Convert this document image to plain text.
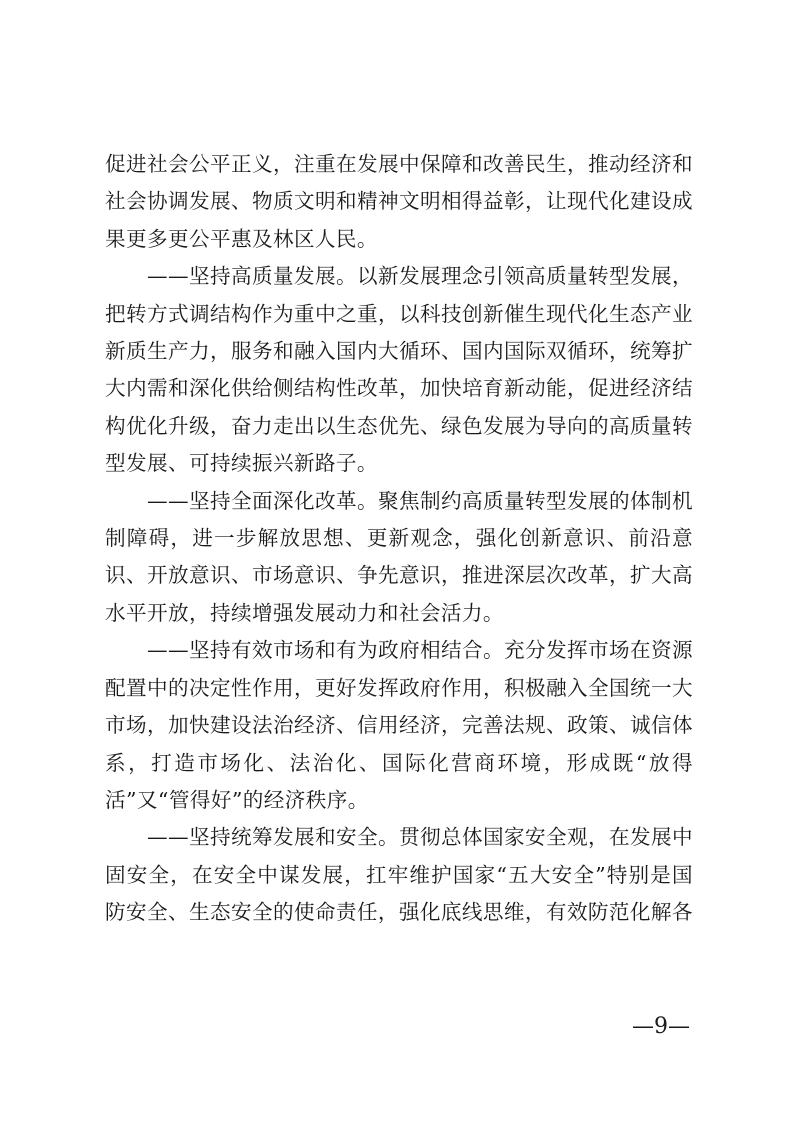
促进社会公平正义，注重在发展中保障和改善民生，推动经济和社会协调发展、物质文明和精神文明相得益彰，让现代化建设成果更多更公平惠及林区人民。

——坚持高质量发展。以新发展理念引领高质量转型发展，把转方式调结构作为重中之重，以科技创新催生现代化生态产业新质生产力，服务和融入国内大循环、国内国际双循环，统筹扩大内需和深化供给侧结构性改革，加快培育新动能，促进经济结构优化升级，奋力走出以生态优先、绿色发展为导向的高质量转型发展、可持续振兴新路子。

——坚持全面深化改革。聚焦制约高质量转型发展的体制机制障碍，进一步解放思想、更新观念，强化创新意识、前沿意识、开放意识、市场意识、争先意识，推进深层次改革，扩大高水平开放，持续增强发展动力和社会活力。

——坚持有效市场和有为政府相结合。充分发挥市场在资源配置中的决定性作用，更好发挥政府作用，积极融入全国统一大市场，加快建设法治经济、信用经济，完善法规、政策、诚信体系，打造市场化、法治化、国际化营商环境，形成既“放得活”又“管得好”的经济秩序。

——坚持统筹发展和安全。贯彻总体国家安全观，在发展中固安全，在安全中谋发展，扛牢维护国家“五大安全”特别是国防安全、生态安全的使命责任，强化底线思维，有效防范化解各

—9—
